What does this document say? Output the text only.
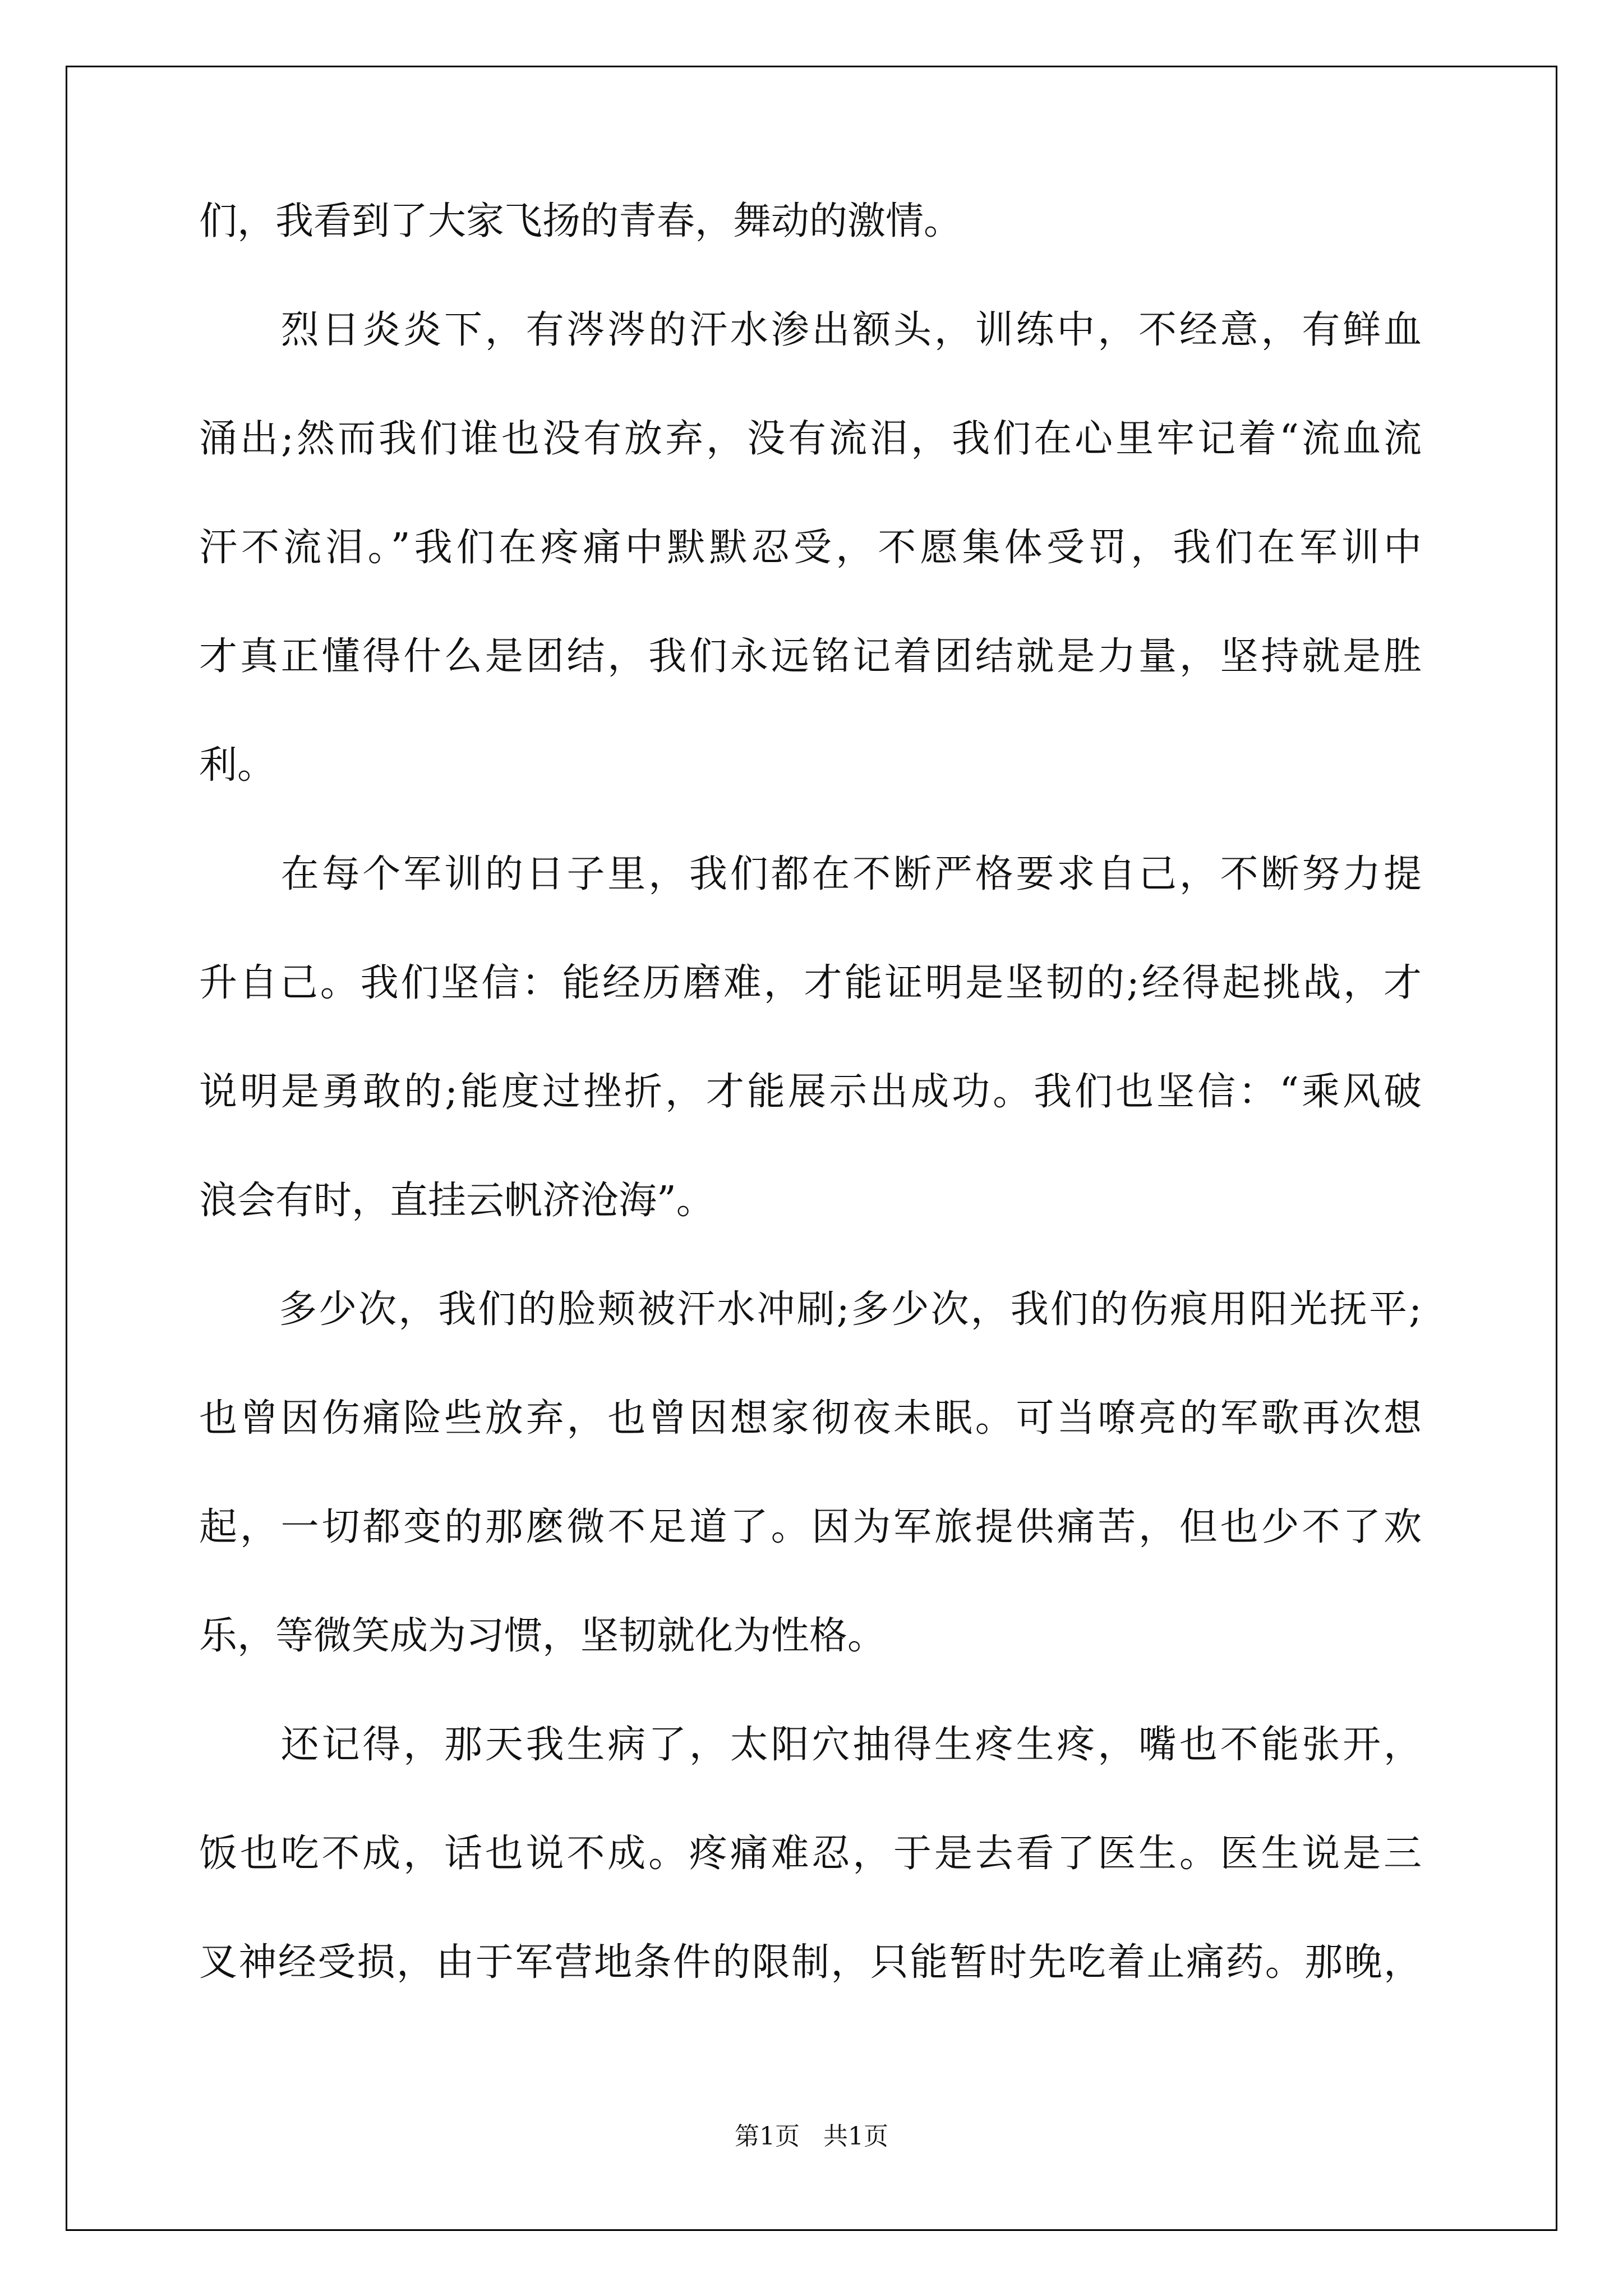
们，我看到了大家飞扬的青春，舞动的激情。
　　烈日炎炎下，有涔涔的汗水渗出额头，训练中，不经意，有鲜血
涌出;然而我们谁也没有放弃，没有流泪，我们在心里牢记着“流血流
汗不流泪。”我们在疼痛中默默忍受，不愿集体受罚，我们在军训中
才真正懂得什么是团结，我们永远铭记着团结就是力量，坚持就是胜
利。
　　在每个军训的日子里，我们都在不断严格要求自己，不断努力提
升自己。我们坚信：能经历磨难，才能证明是坚韧的;经得起挑战，才
说明是勇敢的;能度过挫折，才能展示出成功。我们也坚信：“乘风破
浪会有时，直挂云帆济沧海”。
　　多少次，我们的脸颊被汗水冲刷;多少次，我们的伤痕用阳光抚平;
也曾因伤痛险些放弃，也曾因想家彻夜未眠。可当嘹亮的军歌再次想
起，一切都变的那麽微不足道了。因为军旅提供痛苦，但也少不了欢
乐，等微笑成为习惯，坚韧就化为性格。
　　还记得，那天我生病了，太阳穴抽得生疼生疼，嘴也不能张开，
饭也吃不成，话也说不成。疼痛难忍，于是去看了医生。医生说是三
叉神经受损，由于军营地条件的限制，只能暂时先吃着止痛药。那晚，
第1页   共1页
